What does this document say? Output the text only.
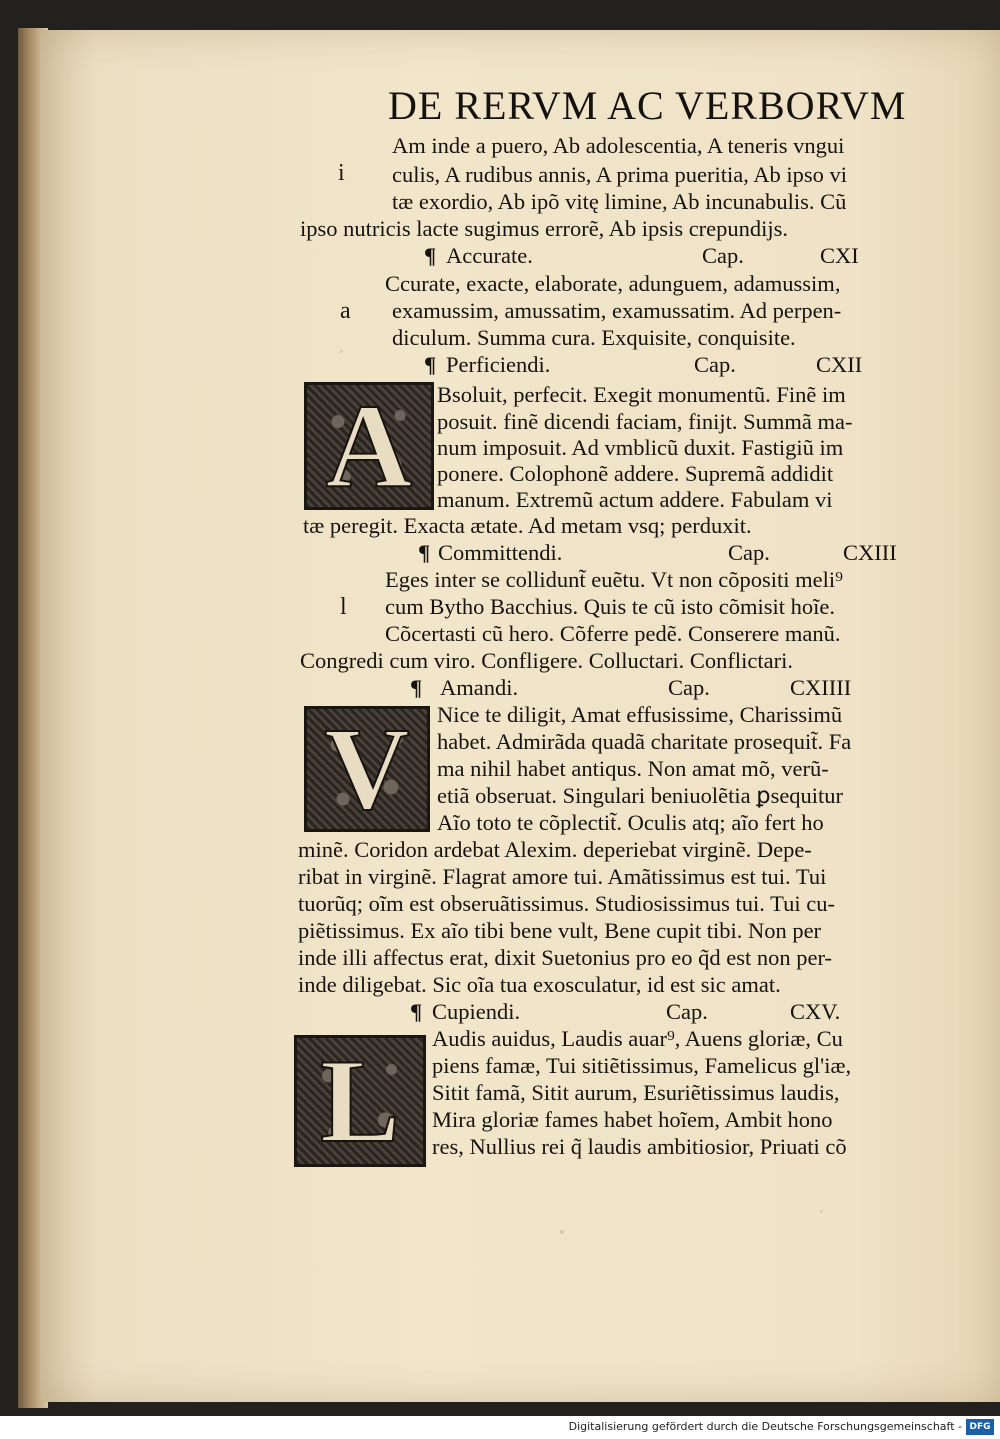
DE RERVM AC VERBORVM
Am inde a puero, Ab adolescentia, A teneris vngui
culis, A rudibus annis, A prima pueritia, Ab ipso vi
tæ exordio, Ab ipõ vitę limine, Ab incunabulis. Cũ
ipso nutricis lacte sugimus errorẽ, Ab ipsis crepundijs.
i
¶ Accurate.	Cap.	CXI
Ccurate, exacte, elaborate, adunguem, adamussim,
examussim, amussatim, examussatim. Ad perpen-
diculum. Summa cura. Exquisite, conquisite.
a
¶ Perficiendi.	Cap.	CXII
A Bsoluit, perfecit. Exegit monumentũ. Finẽ im
posuit. finẽ dicendi faciam, finijt. Summã ma-
num imposuit. Ad vmblicũ duxit. Fastigiũ im
ponere. Colophonẽ addere. Supremã addidit
manum. Extremũ actum addere. Fabulam vi
tæ peregit. Exacta ætate. Ad metam vsq; perduxit.
¶ Committendi.	Cap.	CXIII
Eges inter se collidunt̃ euẽtu. Vt non cõpositi meli⁹
cum Bytho Bacchius. Quis te cũ isto cõmisit hoĩe.
Cõcertasti cũ hero. Cõferre pedẽ. Conserere manũ.
Congredi cum viro. Confligere. Colluctari. Conflictari.
l
¶ Amandi.	Cap.	CXIIII
V Nice te diligit, Amat effusissime, Charissimũ
habet. Admirãda quadã charitate prosequit̃. Fa
ma nihil habet antiqus. Non amat mõ, verũ-
etiã obseruat. Singulari beniuolẽtia ꝑsequitur
Aĩo toto te cõplectit̃. Oculis atq; aĩo fert ho
minẽ. Coridon ardebat Alexim. deperiebat virginẽ. Depe-
ribat in virginẽ. Flagrat amore tui. Amãtissimus est tui. Tui
tuorũq; oĩm est obseruãtissimus. Studiosissimus tui. Tui cu-
piẽtissimus. Ex aĩo tibi bene vult, Bene cupit tibi. Non per
inde illi affectus erat, dixit Suetonius pro eo q̃d est non per-
inde diligebat. Sic oĩa tua exosculatur, id est sic amat.
¶ Cupiendi.	Cap.	CXV.
L Audis auidus, Laudis auar⁹, Auens gloriæ, Cu
piens famæ, Tui sitiẽtissimus, Famelicus gl'iæ,
Sitit famã, Sitit aurum, Esuriẽtissimus laudis,
Mira gloriæ fames habet hoĩem, Ambit hono
res, Nullius rei q̃ laudis ambitiosior, Priuati cõ
Digitalisierung gefördert durch die Deutsche Forschungsgemeinschaft - DFG
